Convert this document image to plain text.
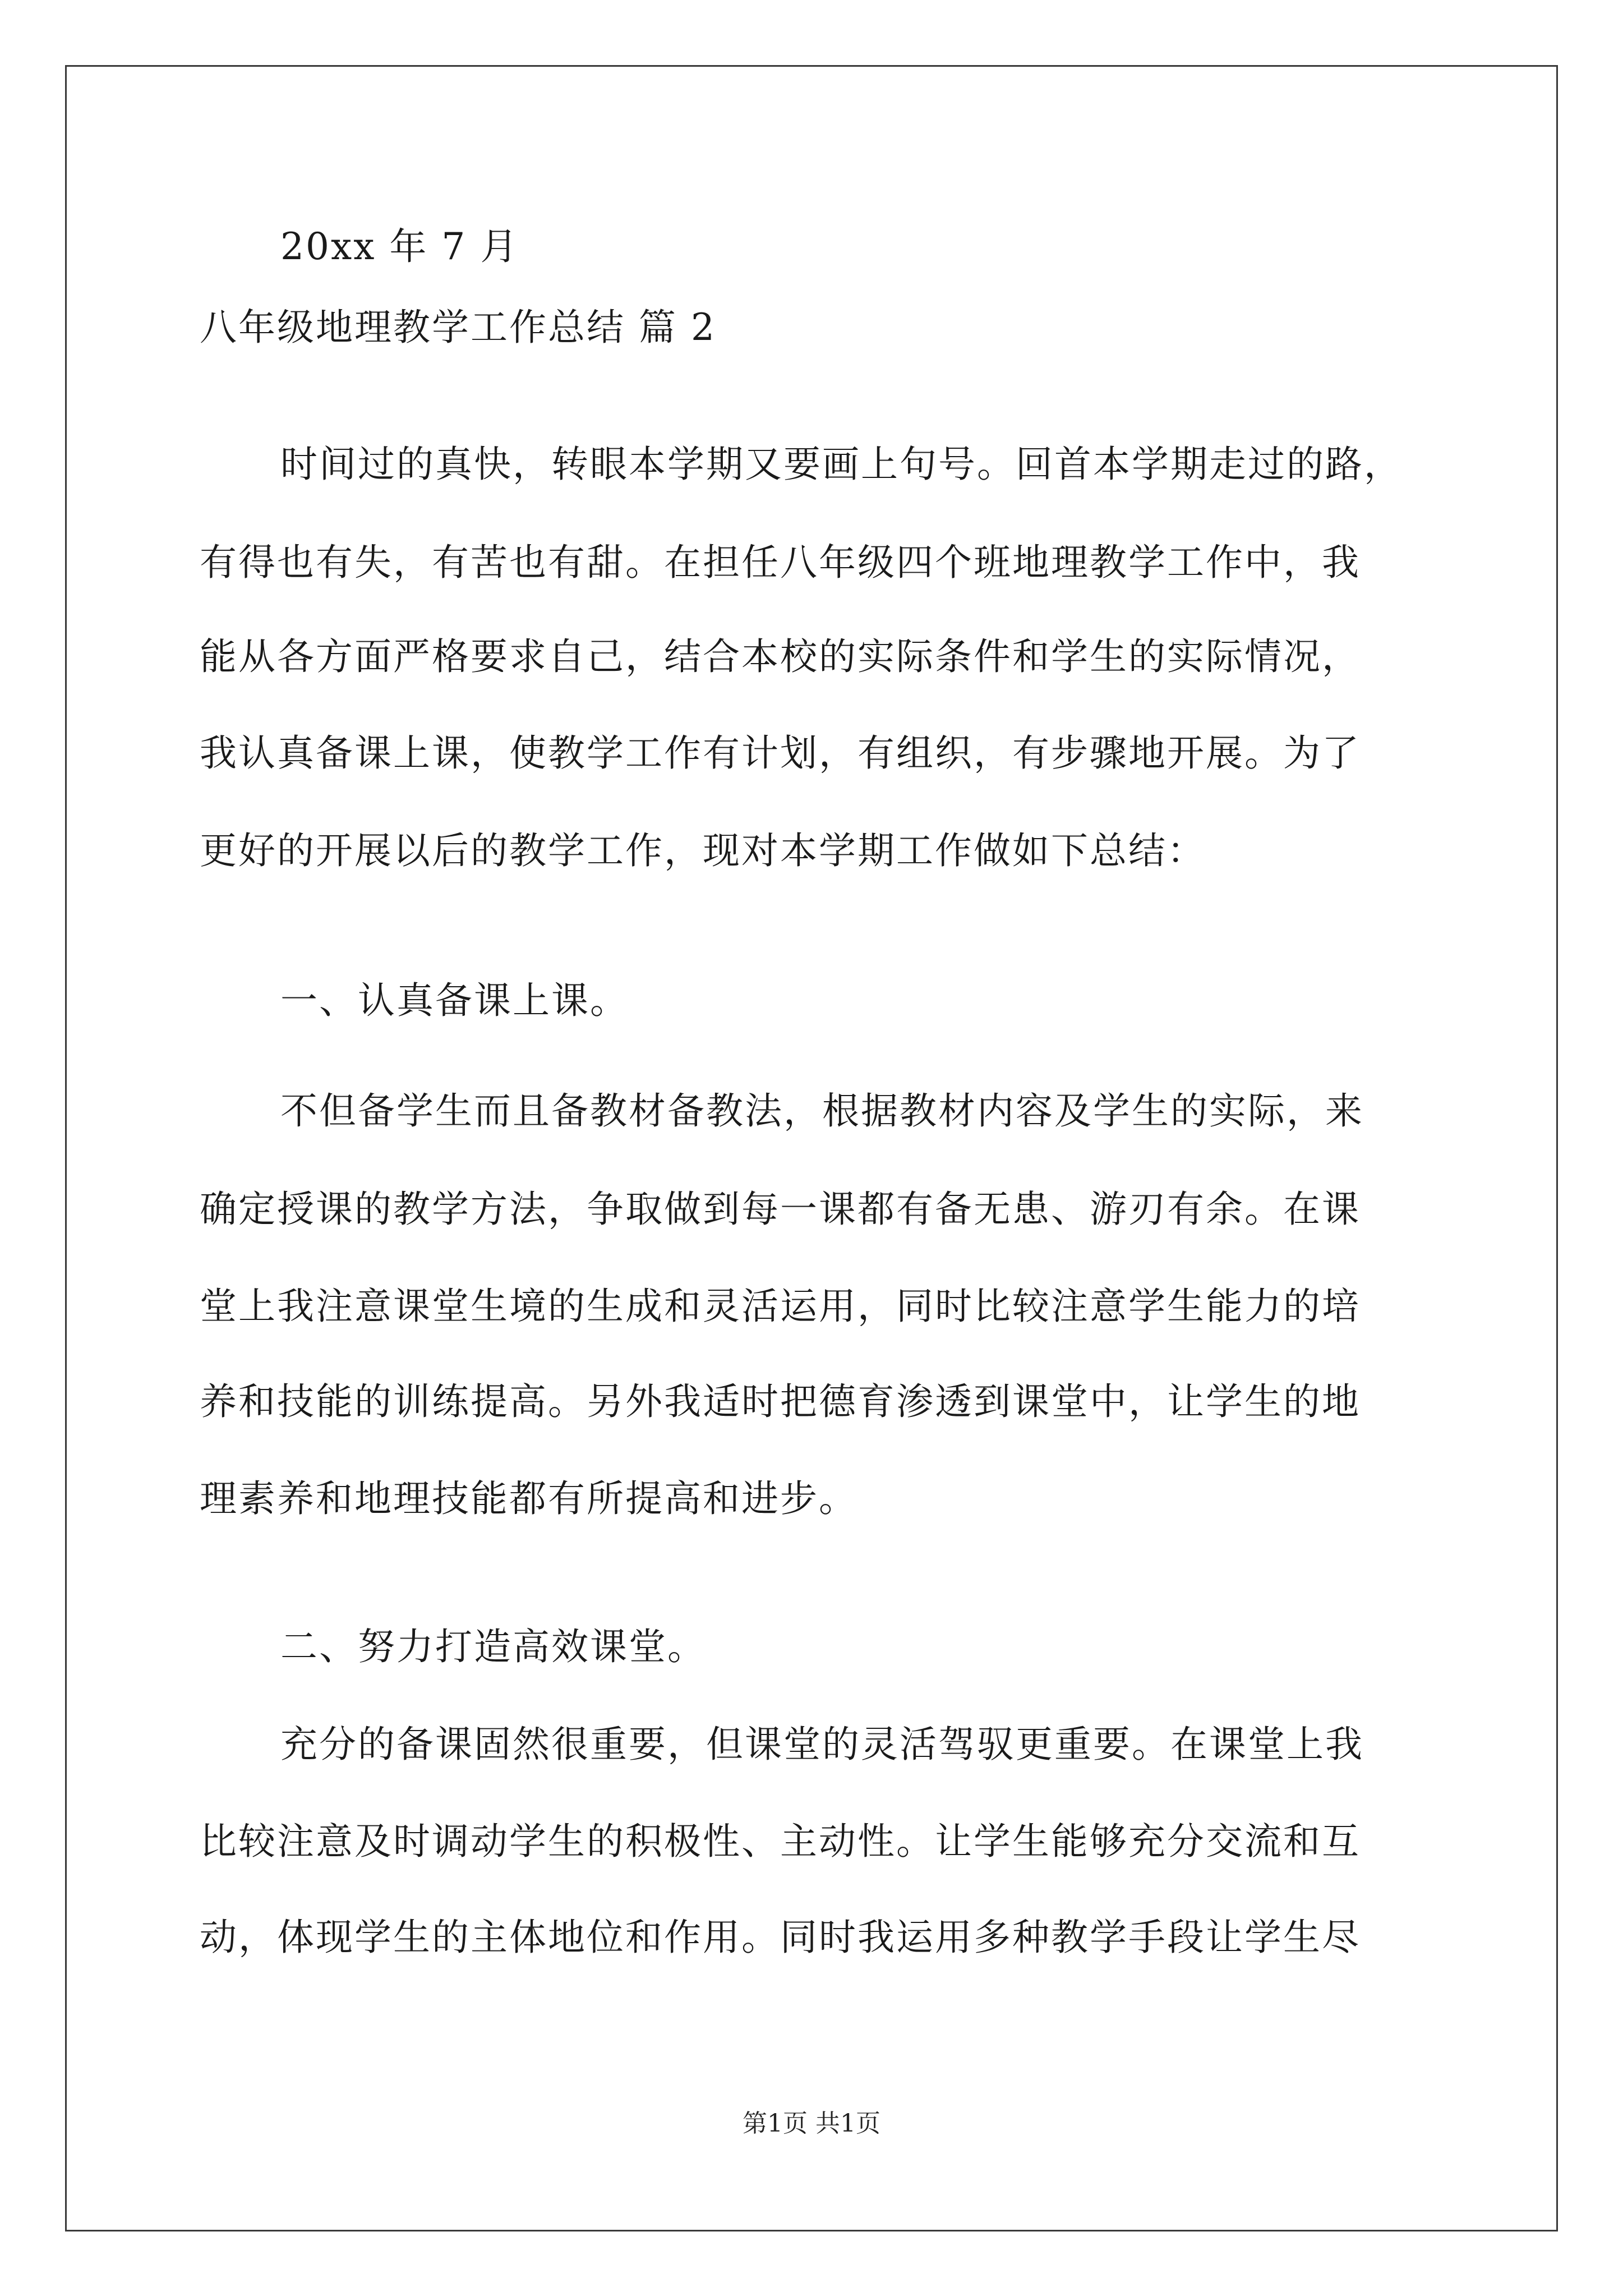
20xx 年 7 月
八年级地理教学工作总结 篇 2
时间过的真快，转眼本学期又要画上句号。回首本学期走过的路，
有得也有失，有苦也有甜。在担任八年级四个班地理教学工作中，我
能从各方面严格要求自己，结合本校的实际条件和学生的实际情况，
我认真备课上课，使教学工作有计划，有组织，有步骤地开展。为了
更好的开展以后的教学工作，现对本学期工作做如下总结：
一、认真备课上课。
不但备学生而且备教材备教法，根据教材内容及学生的实际，来
确定授课的教学方法，争取做到每一课都有备无患、游刃有余。在课
堂上我注意课堂生境的生成和灵活运用，同时比较注意学生能力的培
养和技能的训练提高。另外我适时把德育渗透到课堂中，让学生的地
理素养和地理技能都有所提高和进步。
二、努力打造高效课堂。
充分的备课固然很重要，但课堂的灵活驾驭更重要。在课堂上我
比较注意及时调动学生的积极性、主动性。让学生能够充分交流和互
动，体现学生的主体地位和作用。同时我运用多种教学手段让学生尽
第1页 共1页
